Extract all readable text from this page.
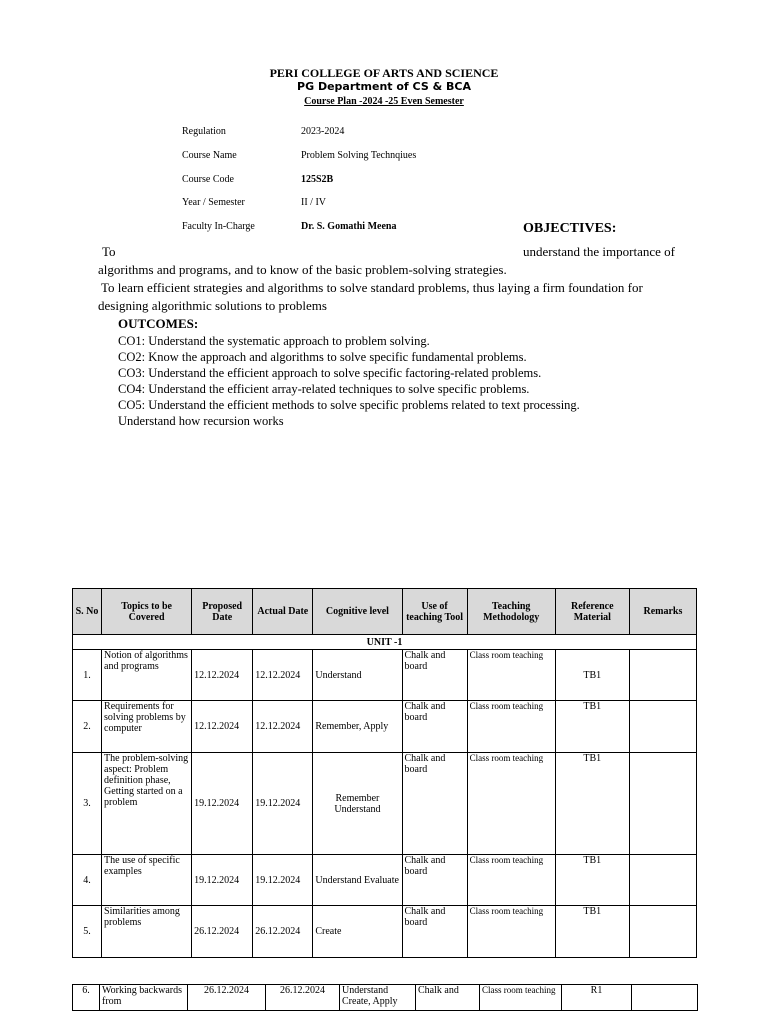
PERI COLLEGE OF ARTS AND SCIENCE
PG Department of CS & BCA
Course Plan -2024 -25 Even Semester
Regulation	2023-2024
Course Name	Problem Solving Technqiues
Course Code	125S2B
Year / Semester	II / IV
Faculty In-Charge	Dr. S. Gomathi Meena	OBJECTIVES:
To	understand the importance of
algorithms and programs, and to know of the basic problem-solving strategies.
To learn efficient strategies and algorithms to solve standard problems, thus laying a firm foundation for
designing algorithmic solutions to problems
OUTCOMES:
CO1: Understand the systematic approach to problem solving.
CO2: Know the approach and algorithms to solve specific fundamental problems.
CO3: Understand the efficient approach to solve specific factoring-related problems.
CO4: Understand the efficient array-related techniques to solve specific problems.
CO5: Understand the efficient methods to solve specific problems related to text processing.
Understand how recursion works
S. No	Topics to be Covered	Proposed Date	Actual Date	Cognitive level	Use of teaching Tool	Teaching Methodology	Reference Material	Remarks
UNIT -1								
1.	Notion of algorithms and programs	12.12.2024	12.12.2024	Understand	Chalk and board	Class room teaching	TB1	
2.	Requirements for solving problems by computer	12.12.2024	12.12.2024	Remember, Apply	Chalk and board	Class room teaching	TB1	
3.	The problem-solving aspect: Problem definition phase, Getting started on a problem	19.12.2024	19.12.2024	Remember Understand	Chalk and board	Class room teaching	TB1	
4.	The use of specific examples	19.12.2024	19.12.2024	Understand Evaluate	Chalk and board	Class room teaching	TB1	
5.	Similarities among problems	26.12.2024	26.12.2024	Create	Chalk and board	Class room teaching	TB1	
6.	Working backwards from	26.12.2024	26.12.2024	Understand Create, Apply	Chalk and	Class room teaching	R1	
